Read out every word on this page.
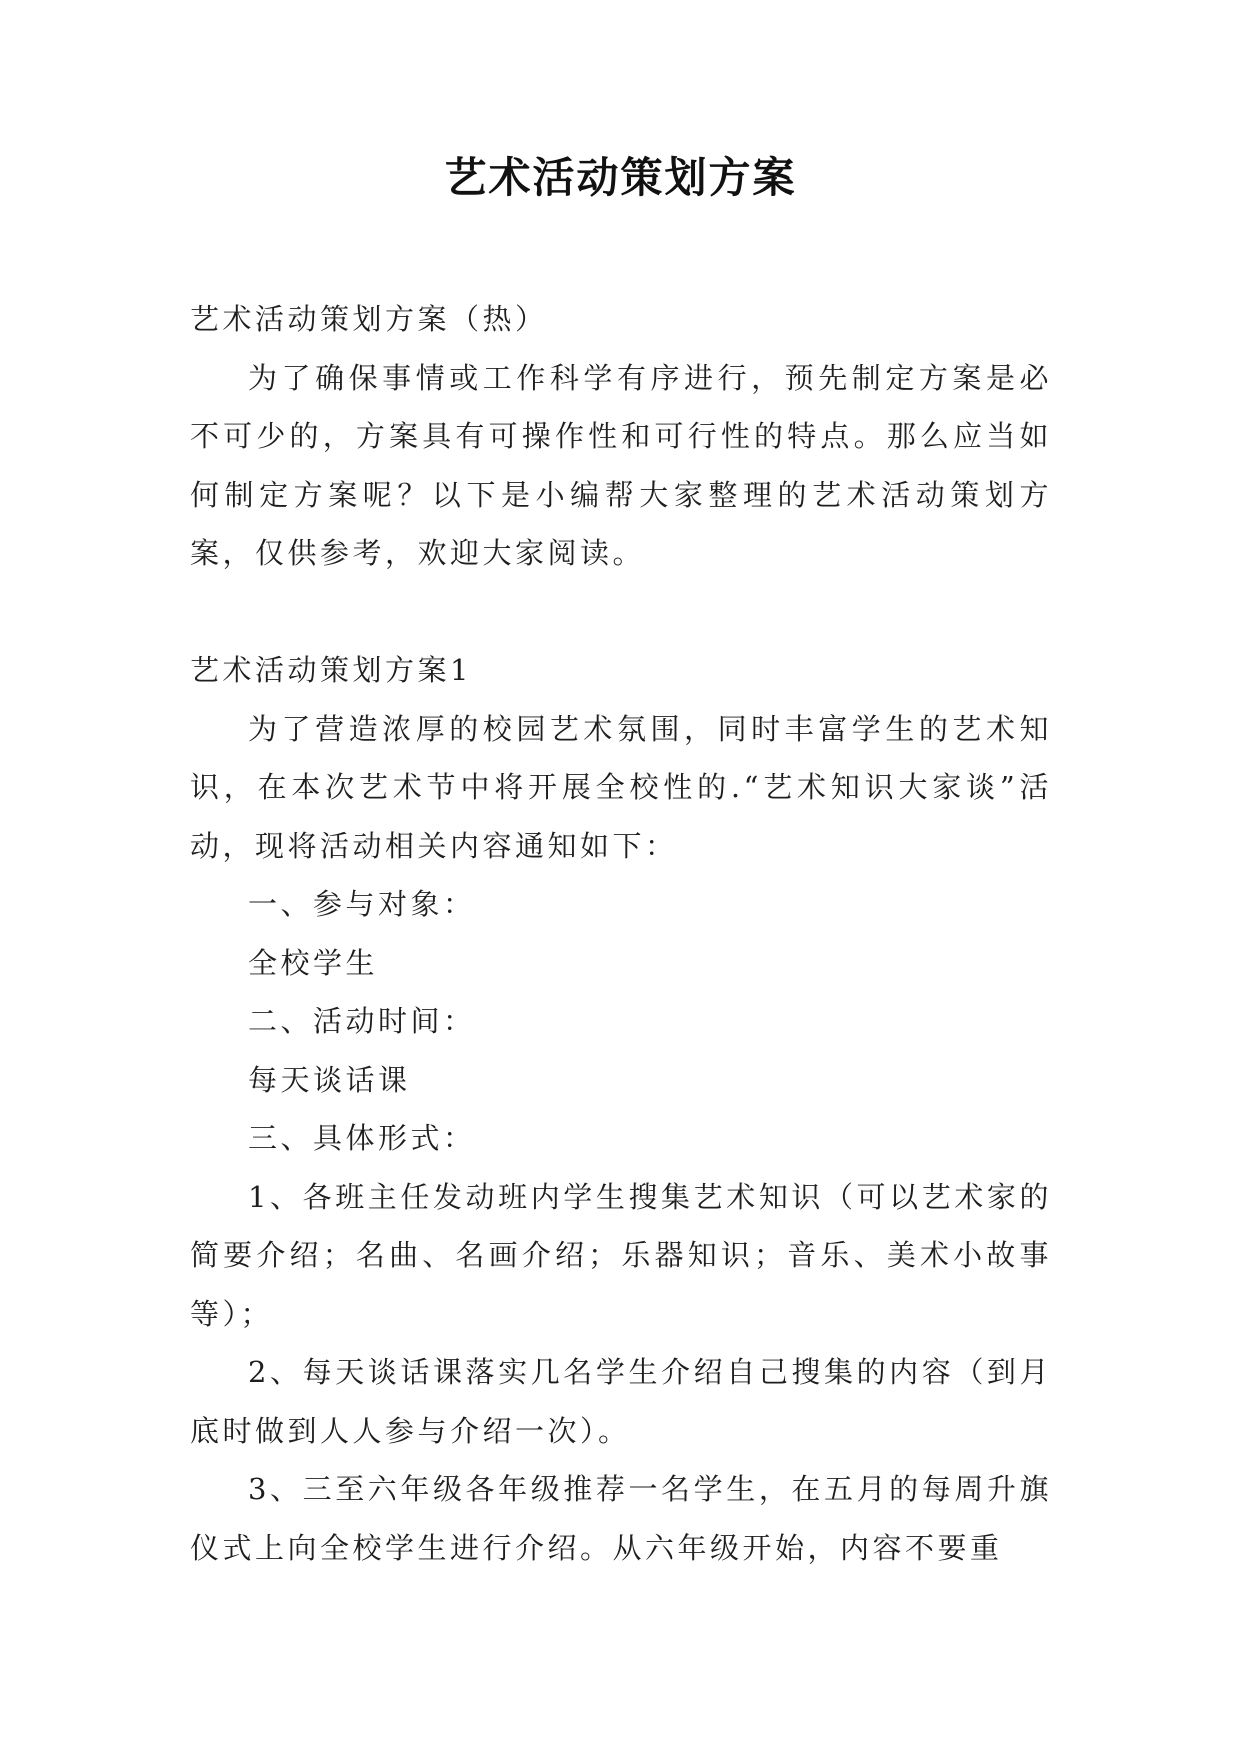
艺术活动策划方案

艺术活动策划方案（热）

为了确保事情或工作科学有序进行，预先制定方案是必不可少的，方案具有可操作性和可行性的特点。那么应当如何制定方案呢？以下是小编帮大家整理的艺术活动策划方案，仅供参考，欢迎大家阅读。

艺术活动策划方案1

为了营造浓厚的校园艺术氛围，同时丰富学生的艺术知识，在本次艺术节中将开展全校性的.“艺术知识大家谈”活动，现将活动相关内容通知如下：

一、参与对象：

全校学生

二、活动时间：

每天谈话课

三、具体形式：

1、各班主任发动班内学生搜集艺术知识（可以艺术家的简要介绍；名曲、名画介绍；乐器知识；音乐、美术小故事等）；

2、每天谈话课落实几名学生介绍自己搜集的内容（到月底时做到人人参与介绍一次）。

3、三至六年级各年级推荐一名学生，在五月的每周升旗仪式上向全校学生进行介绍。从六年级开始，内容不要重
